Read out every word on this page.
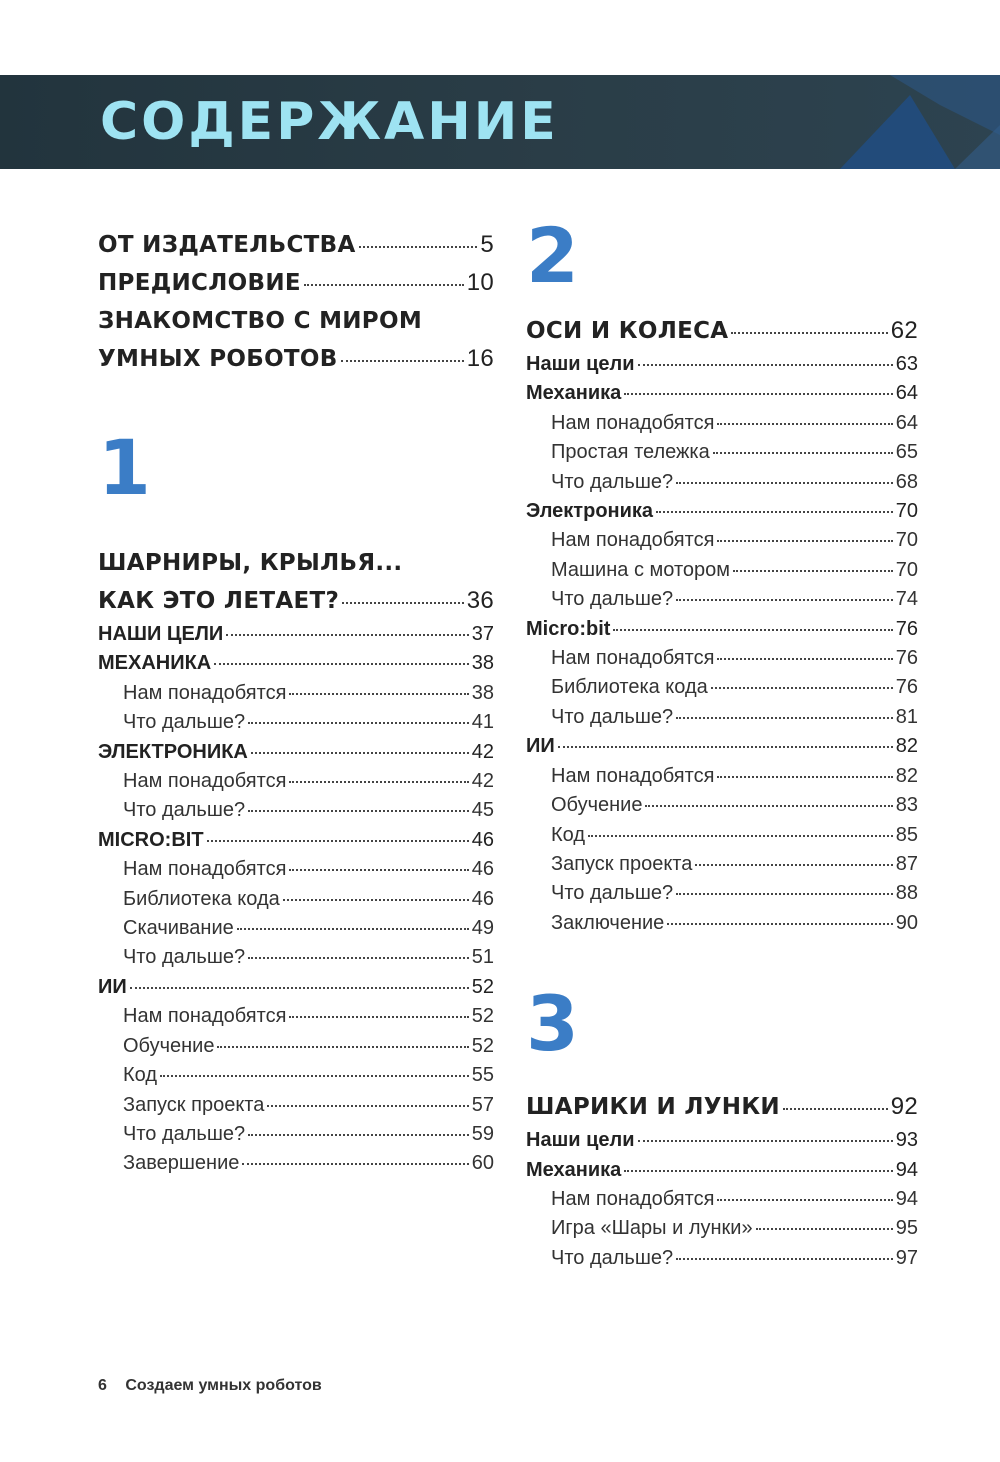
СОДЕРЖАНИЕ
ОТ ИЗДАТЕЛЬСТВА	5
ПРЕДИСЛОВИЕ	10
ЗНАКОМСТВО С МИРОМ
УМНЫХ РОБОТОВ	16
1
ШАРНИРЫ, КРЫЛЬЯ...
КАК ЭТО ЛЕТАЕТ?	36
НАШИ ЦЕЛИ	37
МЕХАНИКА	38
Нам понадобятся	38
Что дальше?	41
ЭЛЕКТРОНИКА	42
Нам понадобятся	42
Что дальше?	45
MICRO:BIT	46
Нам понадобятся	46
Библиотека кода	46
Скачивание	49
Что дальше?	51
ИИ	52
Нам понадобятся	52
Обучение	52
Код	55
Запуск проекта	57
Что дальше?	59
Завершение	60
2
ОСИ И КОЛЕСА	62
Наши цели	63
Механика	64
Нам понадобятся	64
Простая тележка	65
Что дальше?	68
Электроника	70
Нам понадобятся	70
Машина с мотором	70
Что дальше?	74
Micro:bit	76
Нам понадобятся	76
Библиотека кода	76
Что дальше?	81
ИИ	82
Нам понадобятся	82
Обучение	83
Код	85
Запуск проекта	87
Что дальше?	88
Заключение	90
3
ШАРИКИ И ЛУНКИ	92
Наши цели	93
Механика	94
Нам понадобятся	94
Игра «Шары и лунки»	95
Что дальше?	97
6 Создаем умных роботов
